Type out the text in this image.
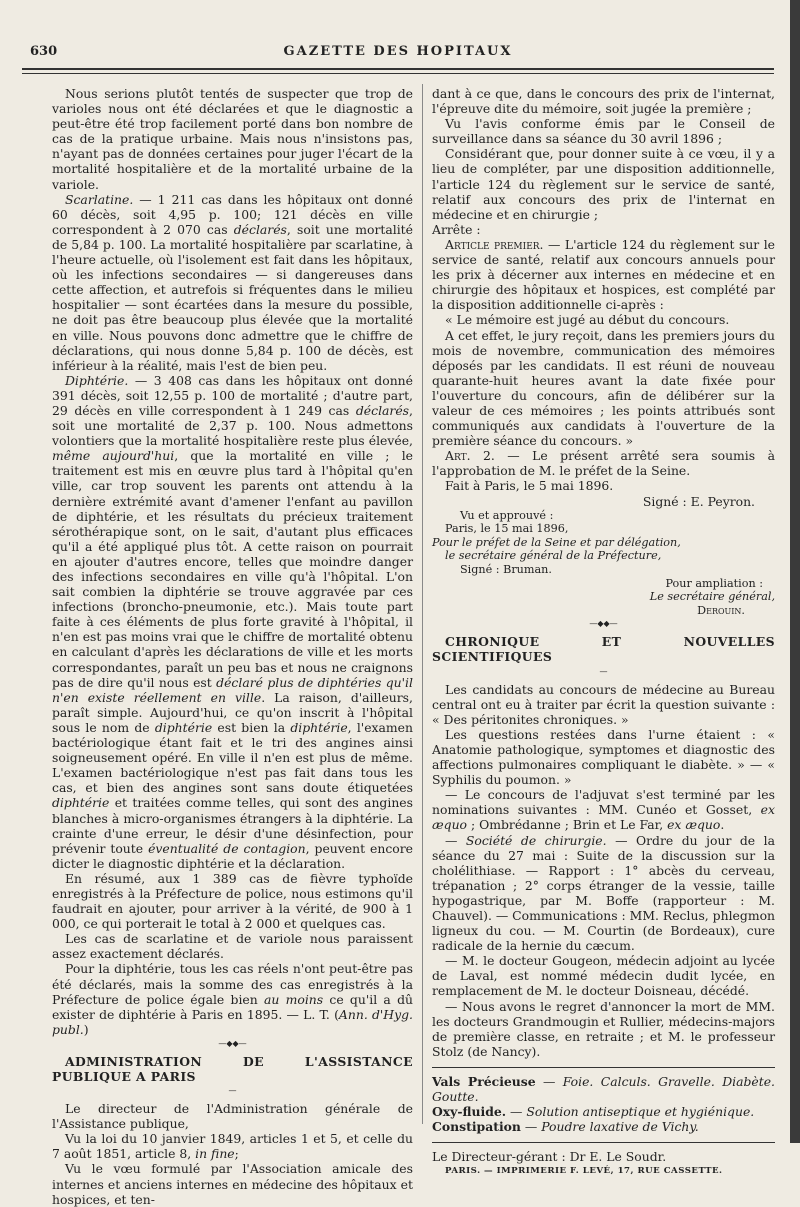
630	GAZETTE DES HOPITAUX

Nous serions plutôt tentés de suspecter que trop de varioles nous ont été déclarées et que le diagnostic a peut-être été trop facilement porté dans bon nombre de cas de la pratique urbaine. Mais nous n'insistons pas, n'ayant pas de données certaines pour juger l'écart de la mortalité hospitalière et de la mortalité urbaine de la variole.

Scarlatine. — 1 211 cas dans les hôpitaux ont donné 60 décès, soit 4,95 p. 100; 121 décès en ville correspondent à 2 070 cas déclarés, soit une mortalité de 5,84 p. 100. La mortalité hospitalière par scarlatine, à l'heure actuelle, où l'isolement est fait dans les hôpitaux, où les infections secondaires — si dangereuses dans cette affection, et autrefois si fréquentes dans le milieu hospitalier — sont écartées dans la mesure du possible, ne doit pas être beaucoup plus élevée que la mortalité en ville. Nous pouvons donc admettre que le chiffre de déclarations, qui nous donne 5,84 p. 100 de décès, est inférieur à la réalité, mais l'est de bien peu.

Diphtérie. — 3 408 cas dans les hôpitaux ont donné 391 décès, soit 12,55 p. 100 de mortalité ; d'autre part, 29 décès en ville correspondent à 1 249 cas déclarés, soit une mortalité de 2,37 p. 100. Nous admettons volontiers que la mortalité hospitalière reste plus élevée, même aujourd'hui, que la mortalité en ville ; le traitement est mis en œuvre plus tard à l'hôpital qu'en ville, car trop souvent les parents ont attendu à la dernière extrémité avant d'amener l'enfant au pavillon de diphtérie, et les résultats du précieux traitement sérothérapique sont, on le sait, d'autant plus efficaces qu'il a été appliqué plus tôt. A cette raison on pourrait en ajouter d'autres encore, telles que moindre danger des infections secondaires en ville qu'à l'hôpital. L'on sait combien la diphtérie se trouve aggravée par ces infections (broncho-pneumonie, etc.). Mais toute part faite à ces éléments de plus forte gravité à l'hôpital, il n'en est pas moins vrai que le chiffre de mortalité obtenu en calculant d'après les déclarations de ville et les morts correspondantes, paraît un peu bas et nous ne craignons pas de dire qu'il nous est déclaré plus de diphtéries qu'il n'en existe réellement en ville. La raison, d'ailleurs, paraît simple. Aujourd'hui, ce qu'on inscrit à l'hôpital sous le nom de diphtérie est bien la diphtérie, l'examen bactériologique étant fait et le tri des angines ainsi soigneusement opéré. En ville il n'en est plus de même. L'examen bactériologique n'est pas fait dans tous les cas, et bien des angines sont sans doute étiquetées diphtérie et traitées comme telles, qui sont des angines blanches à micro-organismes étrangers à la diphtérie. La crainte d'une erreur, le désir d'une désinfection, pour prévenir toute éventualité de contagion, peuvent encore dicter le diagnostic diphtérie et la déclaration.

En résumé, aux 1 389 cas de fièvre typhoïde enregistrés à la Préfecture de police, nous estimons qu'il faudrait en ajouter, pour arriver à la vérité, de 900 à 1 000, ce qui porterait le total à 2 000 et quelques cas.

Les cas de scarlatine et de variole nous paraissent assez exactement déclarés.

Pour la diphtérie, tous les cas réels n'ont peut-être pas été déclarés, mais la somme des cas enregistrés à la Préfecture de police égale bien au moins ce qu'il a dû exister de diphtérie à Paris en 1895. — L. T. (Ann. d'Hyg. publ.)

—◆◆—

ADMINISTRATION DE L'ASSISTANCE PUBLIQUE A PARIS

—

Le directeur de l'Administration générale de l'Assistance publique,

Vu la loi du 10 janvier 1849, articles 1 et 5, et celle du 7 août 1851, article 8, in fine;

Vu le vœu formulé par l'Association amicale des internes et anciens internes en médecine des hôpitaux et hospices, et ten-

dant à ce que, dans le concours des prix de l'internat, l'épreuve dite du mémoire, soit jugée la première ;

Vu l'avis conforme émis par le Conseil de surveillance dans sa séance du 30 avril 1896 ;

Considérant que, pour donner suite à ce vœu, il y a lieu de compléter, par une disposition additionnelle, l'article 124 du règlement sur le service de santé, relatif aux concours des prix de l'internat en médecine et en chirurgie ;

Arrête :

Article premier. — L'article 124 du règlement sur le service de santé, relatif aux concours annuels pour les prix à décerner aux internes en médecine et en chirurgie des hôpitaux et hospices, est complété par la disposition additionnelle ci-après :

« Le mémoire est jugé au début du concours.

A cet effet, le jury reçoit, dans les premiers jours du mois de novembre, communication des mémoires déposés par les candidats. Il est réuni de nouveau quarante-huit heures avant la date fixée pour l'ouverture du concours, afin de délibérer sur la valeur de ces mémoires ; les points attribués sont communiqués aux candidats à l'ouverture de la première séance du concours. »

Art. 2. — Le présent arrêté sera soumis à l'approbation de M. le préfet de la Seine.

Fait à Paris, le 5 mai 1896.

Signé : E. Peyron.

Vu et approuvé :

Paris, le 15 mai 1896,

Pour le préfet de la Seine et par délégation,

le secrétaire général de la Préfecture,

Signé : Bruman.

Pour ampliation :

Le secrétaire général,

Derouin.

—◆◆—

CHRONIQUE ET NOUVELLES SCIENTIFIQUES

—

Les candidats au concours de médecine au Bureau central ont eu à traiter par écrit la question suivante : « Des péritonites chroniques. »

Les questions restées dans l'urne étaient : « Anatomie pathologique, symptomes et diagnostic des affections pulmonaires compliquant le diabète. » — « Syphilis du poumon. »

— Le concours de l'adjuvat s'est terminé par les nominations suivantes : MM. Cunéo et Gosset, ex æquo ; Ombrédanne ; Brin et Le Far, ex æquo.

— Société de chirurgie. — Ordre du jour de la séance du 27 mai : Suite de la discussion sur la cholélithiase. — Rapport : 1° abcès du cerveau, trépanation ; 2° corps étranger de la vessie, taille hypogastrique, par M. Boffe (rapporteur : M. Chauvel). — Communications : MM. Reclus, phlegmon ligneux du cou. — M. Courtin (de Bordeaux), cure radicale de la hernie du cæcum.

— M. le docteur Gougeon, médecin adjoint au lycée de Laval, est nommé médecin dudit lycée, en remplacement de M. le docteur Doisneau, décédé.

— Nous avons le regret d'annoncer la mort de MM. les docteurs Grandmougin et Rullier, médecins-majors de première classe, en retraite ; et M. le professeur Stolz (de Nancy).

Vals Précieuse — Foie. Calculs. Gravelle. Diabète. Goutte.

Oxy-fluide. — Solution antiseptique et hygiénique.

Constipation — Poudre laxative de Vichy.

Le Directeur-gérant : Dr E. Le Soudr.

PARIS. — IMPRIMERIE F. LEVÉ, 17, RUE CASSETTE.
